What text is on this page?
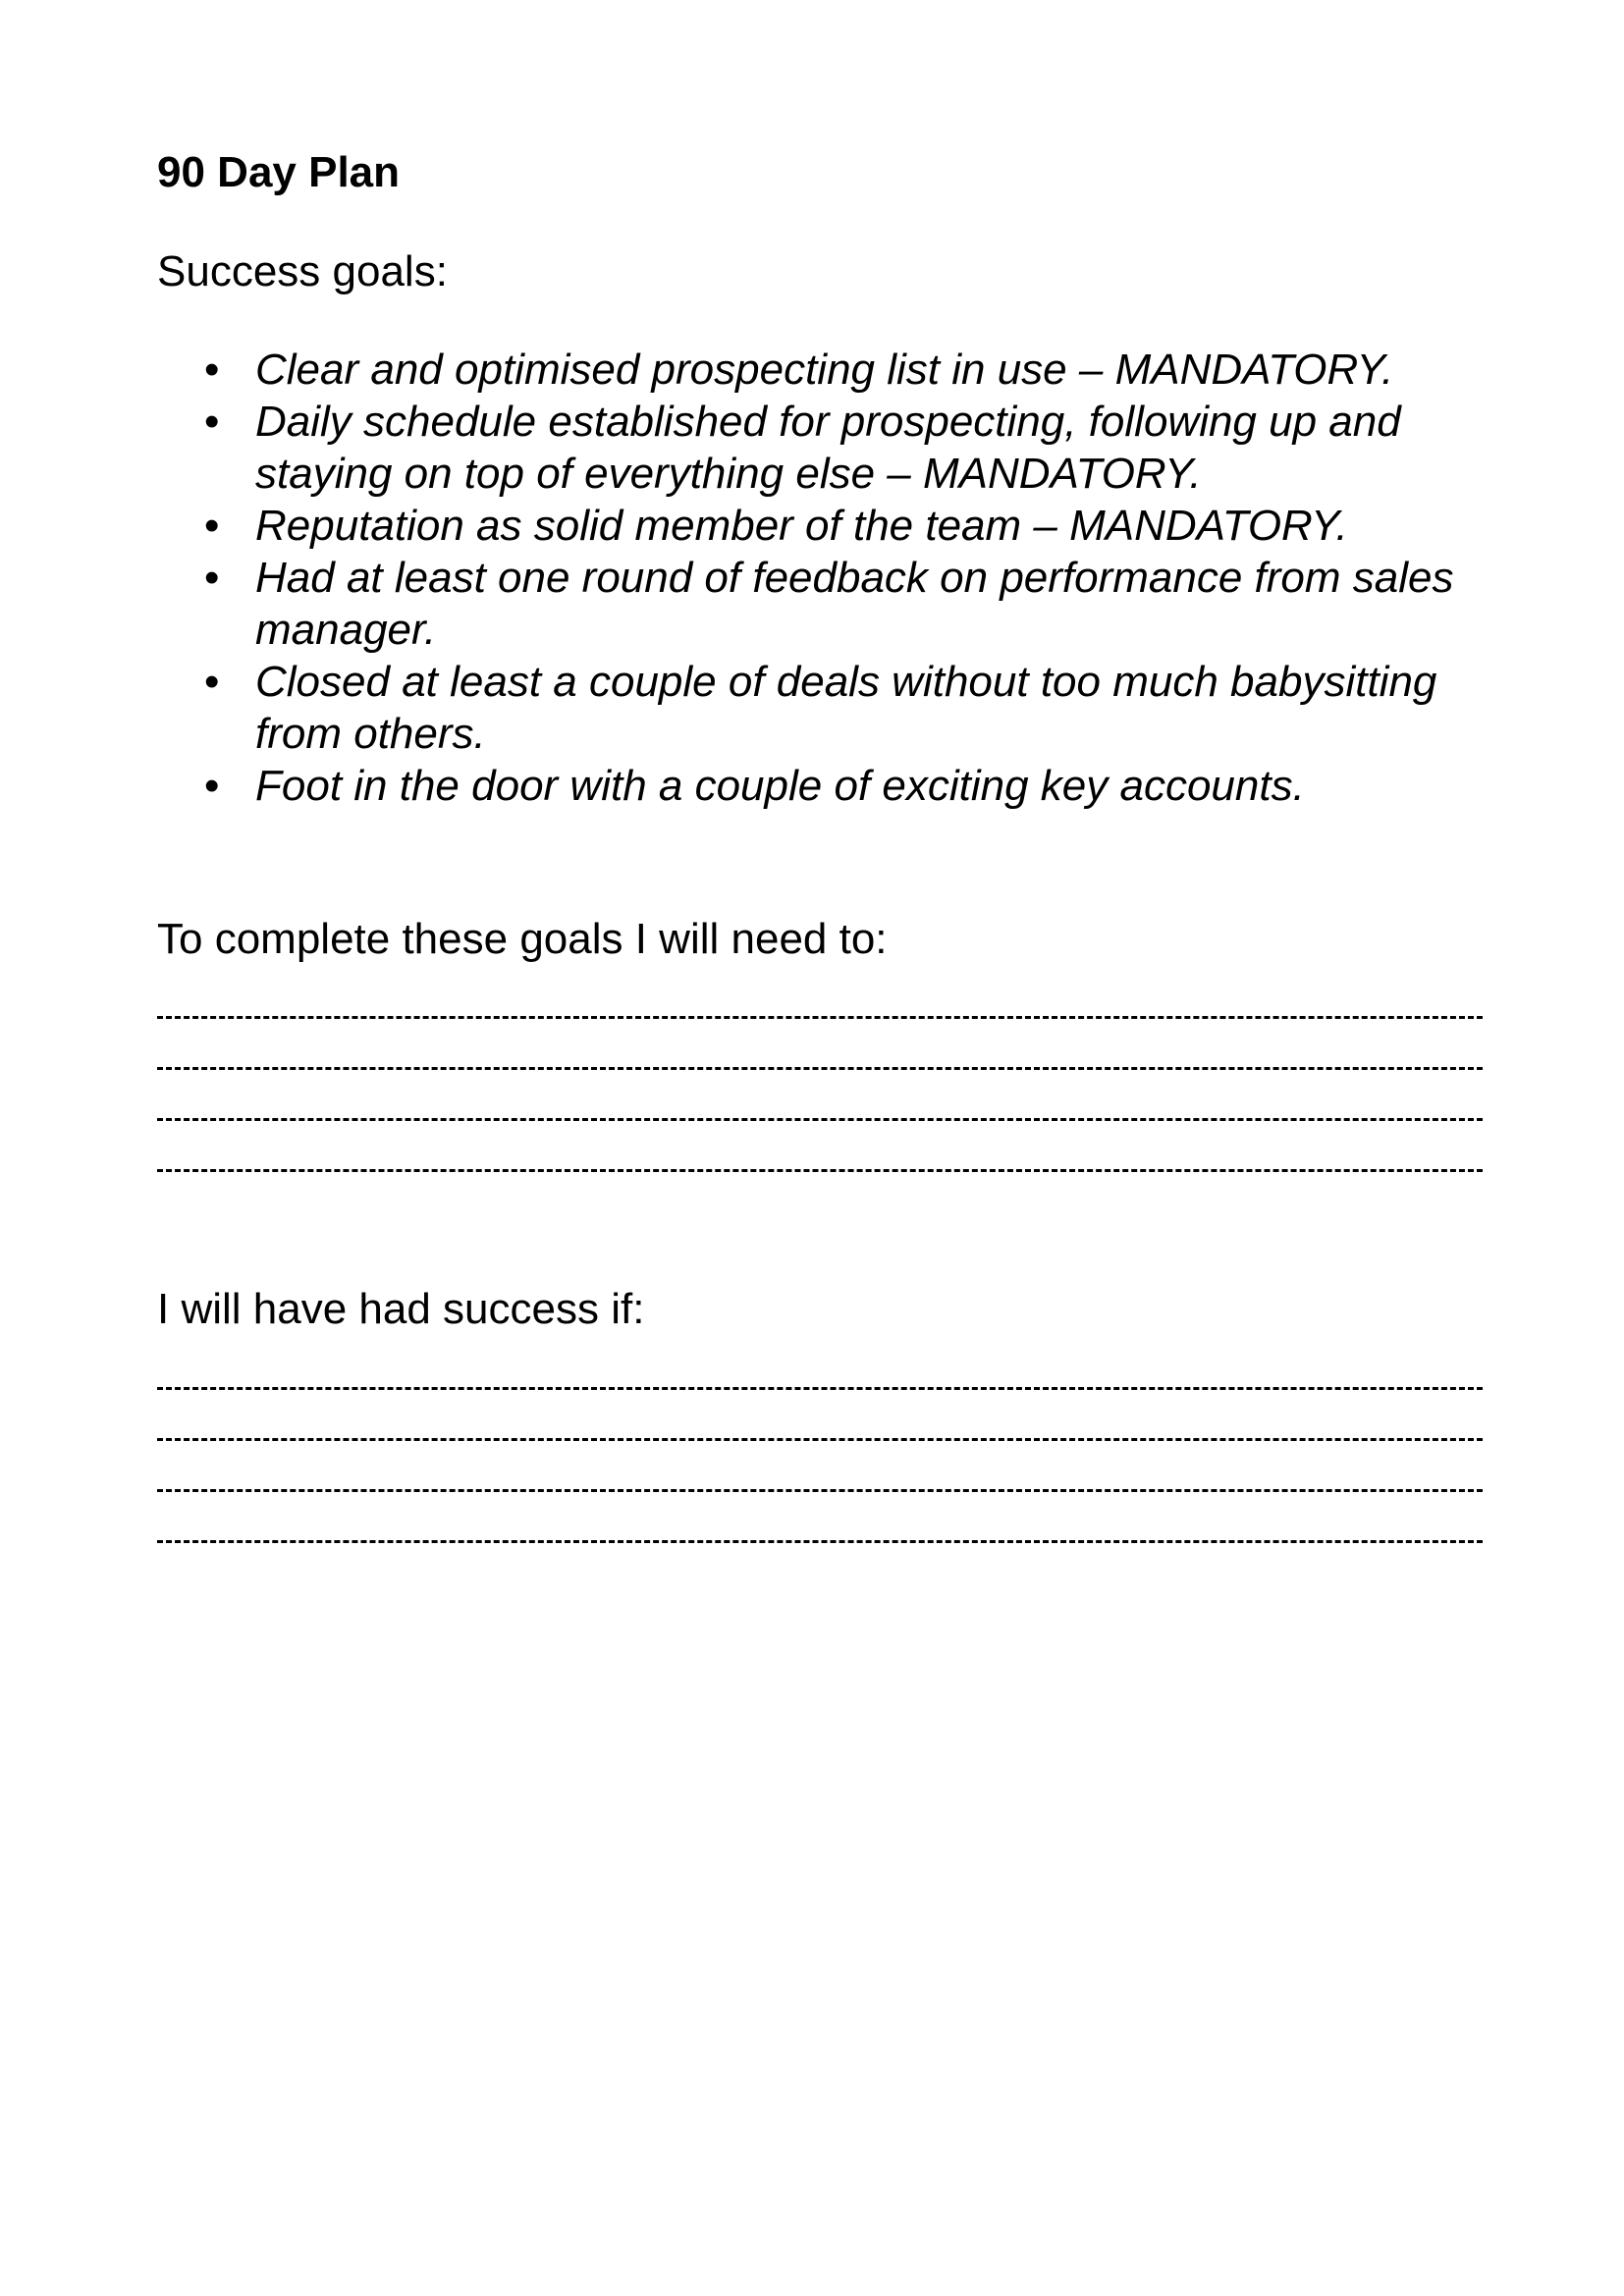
90 Day Plan

Success goals:

• Clear and optimised prospecting list in use – MANDATORY.
• Daily schedule established for prospecting, following up and staying on top of everything else – MANDATORY.
• Reputation as solid member of the team – MANDATORY.
• Had at least one round of feedback on performance from sales manager.
• Closed at least a couple of deals without too much babysitting from others.
• Foot in the door with a couple of exciting key accounts.

To complete these goals I will need to:

I will have had success if:
